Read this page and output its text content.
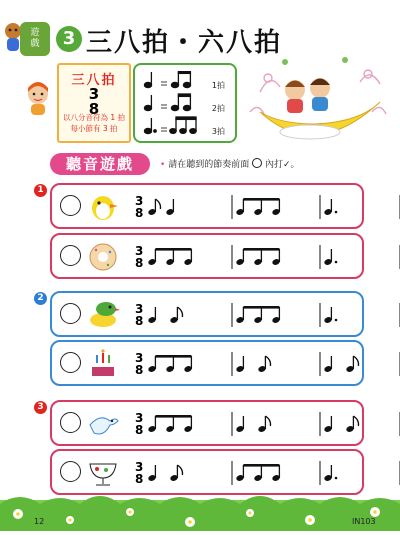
遊
戲	3 三八拍・六八拍
三八拍
3
8
以八分音符為 1 拍
每小節有 3 拍
1拍
2拍
3拍
聽音遊戲	• 請在聽到的節奏前面 內打✓。
1
3
8
3
8
2
3
8
3
8
3
3
8
3
8
12	IN103
